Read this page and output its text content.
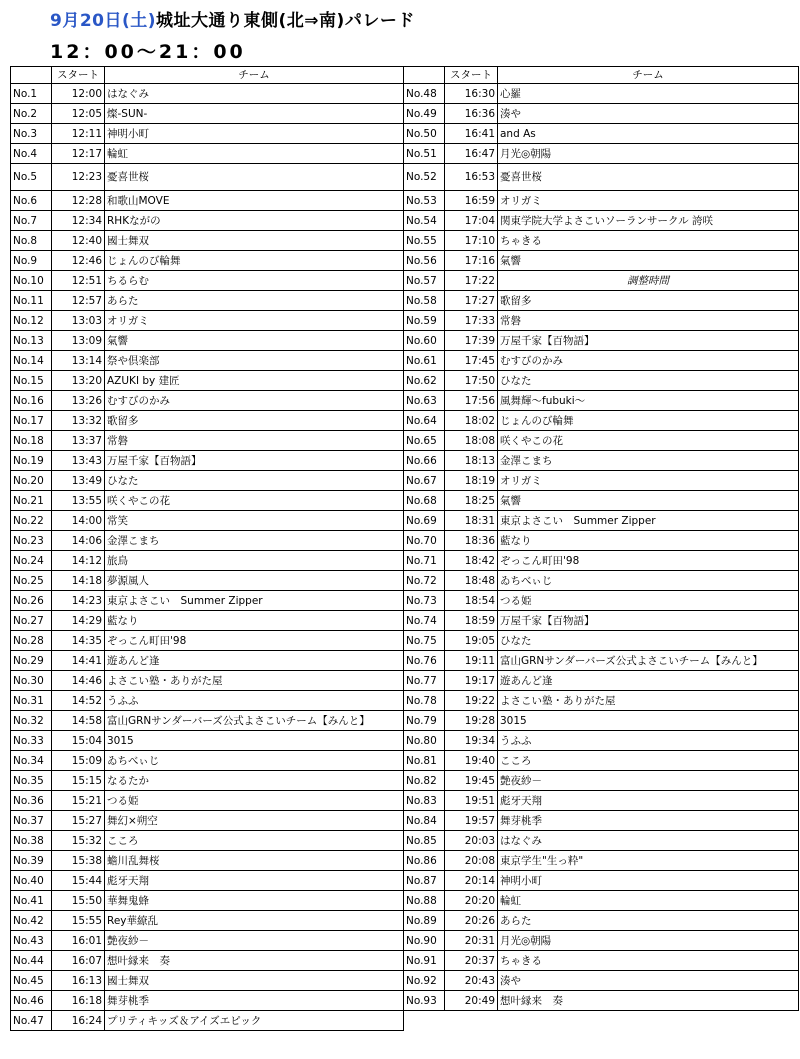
9月20日(土)城址大通り東側(北⇒南)パレード
12：00～21：00
	スタート	チーム
No.1	12:00	はなぐみ
No.2	12:05	燦-SUN-
No.3	12:11	神明小町
No.4	12:17	輪虹
No.5	12:23	憂喜世桜
No.6	12:28	和歌山MOVE
No.7	12:34	RHKながの
No.8	12:40	國士舞双
No.9	12:46	じょんのび輪舞
No.10	12:51	ちるらむ
No.11	12:57	あらた
No.12	13:03	オリガミ
No.13	13:09	氣響
No.14	13:14	祭や倶楽部
No.15	13:20	AZUKI by 建匠
No.16	13:26	むすびのかみ
No.17	13:32	歌留多
No.18	13:37	常磐
No.19	13:43	万屋千家【百物語】
No.20	13:49	ひなた
No.21	13:55	咲くやこの花
No.22	14:00	常笑
No.23	14:06	金澤こまち
No.24	14:12	旅鳥
No.25	14:18	夢源風人
No.26	14:23	東京よさこい　Summer Zipper
No.27	14:29	藍なり
No.28	14:35	ぞっこん町田'98
No.29	14:41	遊あんど逢
No.30	14:46	よさこい塾・ありがた屋
No.31	14:52	うふふ
No.32	14:58	富山GRNサンダーバーズ公式よさこいチーム【みんと】
No.33	15:04	3015
No.34	15:09	ゐちべぃじ
No.35	15:15	なるたか
No.36	15:21	つる姫
No.37	15:27	舞幻×朔空
No.38	15:32	こころ
No.39	15:38	蟾川乱舞桜
No.40	15:44	彪牙天翔
No.41	15:50	華舞鬼蜂
No.42	15:55	Rey華繚乱
No.43	16:01	艶夜紗－
No.44	16:07	想叶縁来　奏
No.45	16:13	國士舞双
No.46	16:18	舞芽桃季
No.47	16:24	プリティキッズ＆アイズエピック
	スタート	チーム
No.48	16:30	心羅
No.49	16:36	湊や
No.50	16:41	and As
No.51	16:47	月光◎朝陽
No.52	16:53	憂喜世桜
No.53	16:59	オリガミ
No.54	17:04	関東学院大学よさこいソーランサークル 誇咲
No.55	17:10	ちゃきる
No.56	17:16	氣響
No.57	17:22	調整時間
No.58	17:27	歌留多
No.59	17:33	常磐
No.60	17:39	万屋千家【百物語】
No.61	17:45	むすびのかみ
No.62	17:50	ひなた
No.63	17:56	風舞輝～fubuki～
No.64	18:02	じょんのび輪舞
No.65	18:08	咲くやこの花
No.66	18:13	金澤こまち
No.67	18:19	オリガミ
No.68	18:25	氣響
No.69	18:31	東京よさこい　Summer Zipper
No.70	18:36	藍なり
No.71	18:42	ぞっこん町田'98
No.72	18:48	ゐちべぃじ
No.73	18:54	つる姫
No.74	18:59	万屋千家【百物語】
No.75	19:05	ひなた
No.76	19:11	富山GRNサンダーバーズ公式よさこいチーム【みんと】
No.77	19:17	遊あんど逢
No.78	19:22	よさこい塾・ありがた屋
No.79	19:28	3015
No.80	19:34	うふふ
No.81	19:40	こころ
No.82	19:45	艶夜紗－
No.83	19:51	彪牙天翔
No.84	19:57	舞芽桃季
No.85	20:03	はなぐみ
No.86	20:08	東京学生"生っ粋"
No.87	20:14	神明小町
No.88	20:20	輪虹
No.89	20:26	あらた
No.90	20:31	月光◎朝陽
No.91	20:37	ちゃきる
No.92	20:43	湊や
No.93	20:49	想叶縁来　奏
